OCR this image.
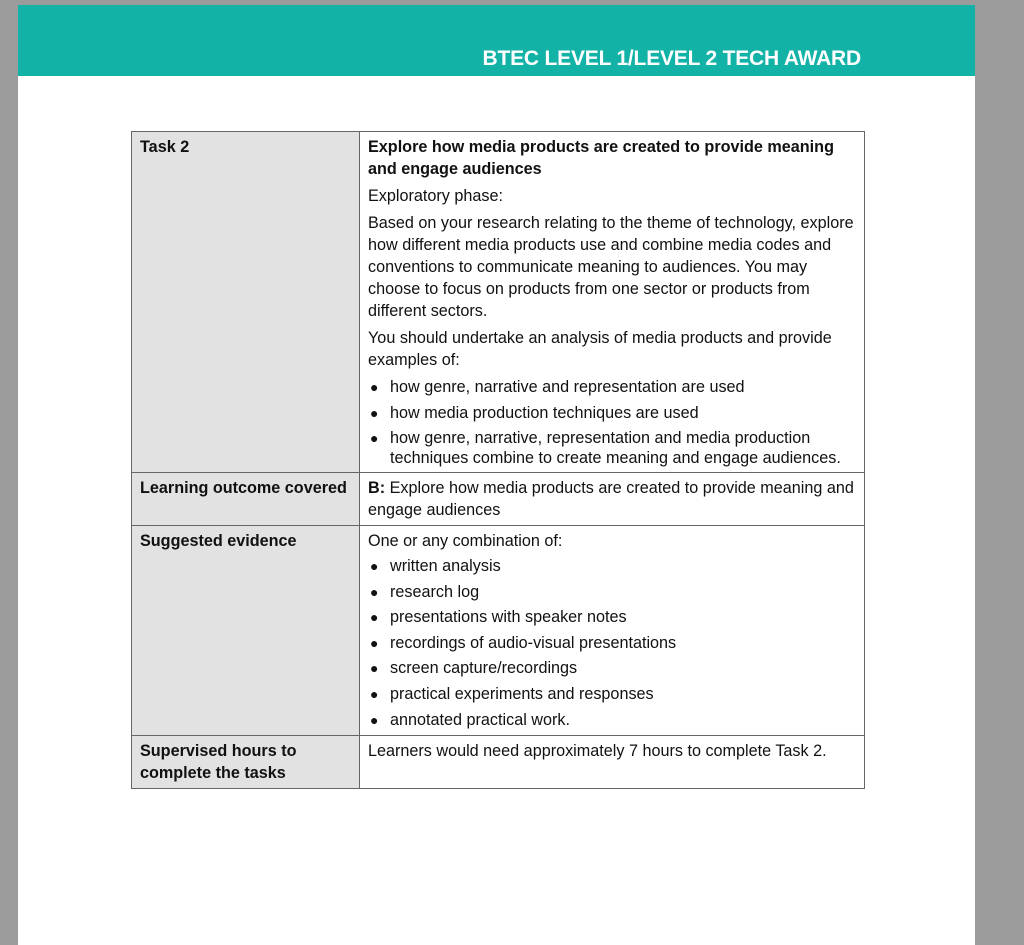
BTEC LEVEL 1/LEVEL 2 TECH AWARD
Task 2	Explore how media products are created to provide meaning and engage audiences
Exploratory phase:
Based on your research relating to the theme of technology, explore how different media products use and combine media codes and conventions to communicate meaning to audiences. You may choose to focus on products from one sector or products from different sectors.
You should undertake an analysis of media products and provide examples of:
● how genre, narrative and representation are used
● how media production techniques are used
● how genre, narrative, representation and media production techniques combine to create meaning and engage audiences.

Learning outcome covered	B: Explore how media products are created to provide meaning and engage audiences
Suggested evidence	One or any combination of:
● written analysis
● research log
● presentations with speaker notes
● recordings of audio-visual presentations
● screen capture/recordings
● practical experiments and responses
● annotated practical work.

Supervised hours to complete the tasks	Learners would need approximately 7 hours to complete Task 2.
